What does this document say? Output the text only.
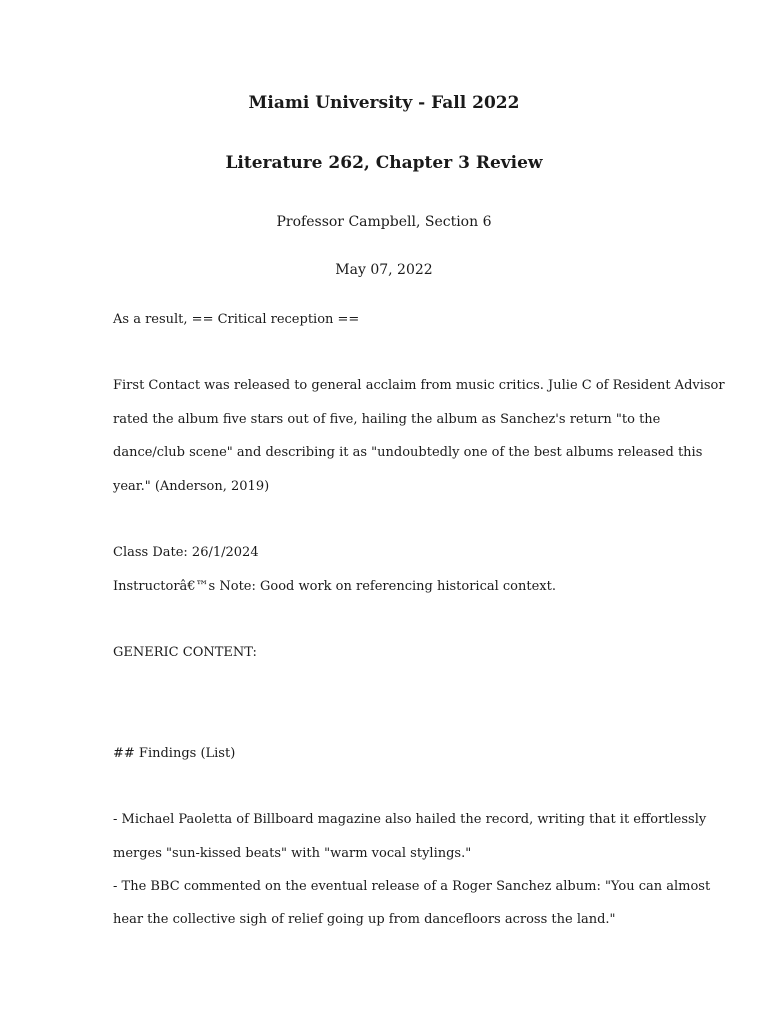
Miami University - Fall 2022
Literature 262, Chapter 3 Review
Professor Campbell, Section 6
May 07, 2022
As a result, == Critical reception ==
First Contact was released to general acclaim from music critics. Julie C of Resident Advisor
rated the album five stars out of five, hailing the album as Sanchez's return "to the
dance/club scene" and describing it as "undoubtedly one of the best albums released this
year." (Anderson, 2019)
Class Date: 26/1/2024
Instructorâ€™s Note: Good work on referencing historical context.
GENERIC CONTENT:
## Findings (List)
- Michael Paoletta of Billboard magazine also hailed the record, writing that it effortlessly
merges "sun-kissed beats" with "warm vocal stylings."
- The BBC commented on the eventual release of a Roger Sanchez album: "You can almost
hear the collective sigh of relief going up from dancefloors across the land."
